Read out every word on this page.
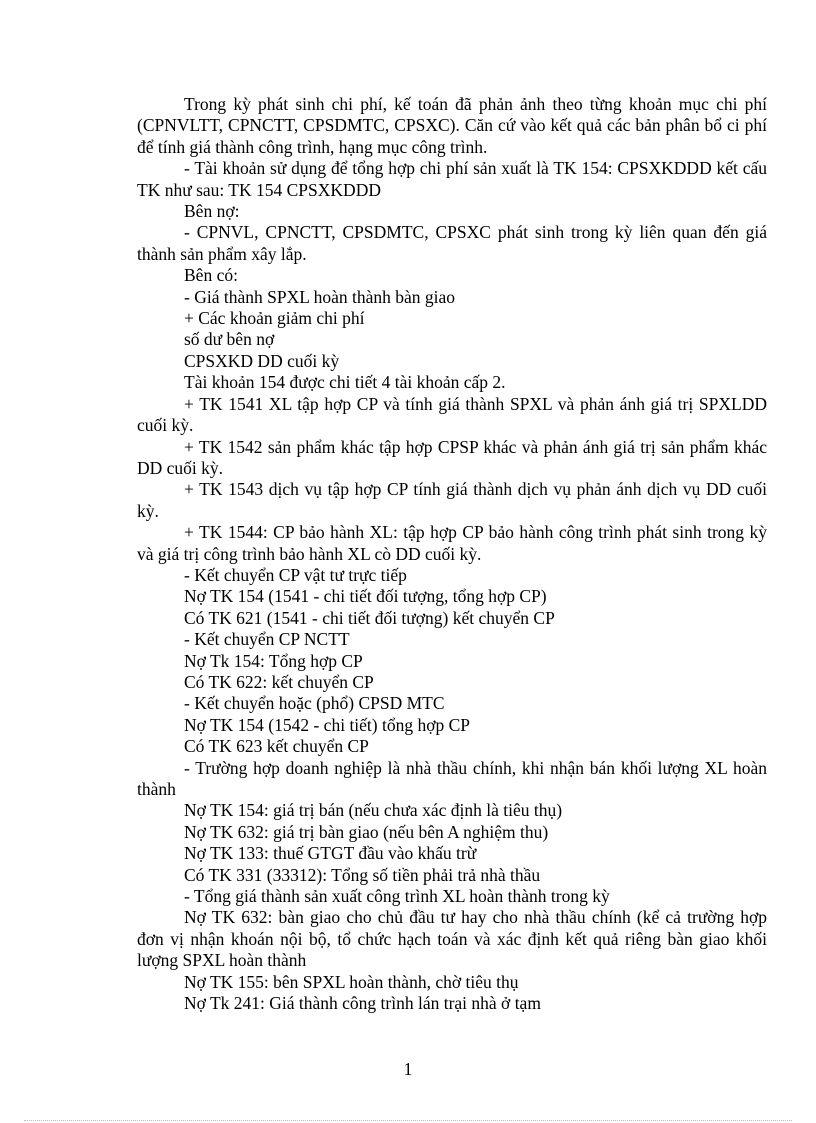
Trong kỳ phát sinh chi phí, kế toán đã phản ảnh theo từng khoản mục chi phí (CPNVLTT, CPNCTT, CPSDMTC, CPSXC). Căn cứ vào kết quả các bản phân bổ ci phí để tính giá thành công trình, hạng mục công trình.

- Tài khoản sử dụng để tổng hợp chi phí sản xuất là TK 154: CPSXKDDD kết cấu TK như sau: TK 154 CPSXKDDD

Bên nợ:

- CPNVL, CPNCTT, CPSDMTC, CPSXC phát sinh trong kỳ liên quan đến giá thành sản phẩm xây lắp.

Bên có:

- Giá thành SPXL hoàn thành bàn giao

+ Các khoản giảm chi phí

số dư bên nợ

CPSXKD DD cuối kỳ

Tài khoản 154 được chi tiết 4 tài khoản cấp 2.

+ TK 1541 XL tập hợp CP và tính giá thành SPXL và phản ánh giá trị SPXLDD cuối kỳ.

+ TK 1542 sản phẩm khác tập hợp CPSP khác và phản ánh giá trị sản phẩm khác DD cuối kỳ.

+ TK 1543 dịch vụ tập hợp CP tính giá thành dịch vụ phản ánh dịch vụ DD cuối kỳ.

+ TK 1544: CP bảo hành XL: tập hợp CP bảo hành công trình phát sinh trong kỳ và giá trị công trình bảo hành XL cò DD cuối kỳ.

- Kết chuyển CP vật tư trực tiếp

Nợ TK 154 (1541 - chi tiết đối tượng, tổng hợp CP)

Có TK 621 (1541 - chi tiết đối tượng) kết chuyển CP

- Kết chuyển CP NCTT

Nợ Tk 154: Tổng hợp CP

Có TK 622: kết chuyển CP

- Kết chuyển hoặc (phổ) CPSD MTC

Nợ TK 154 (1542 - chi tiết) tổng hợp CP

Có TK 623 kết chuyển CP

- Trường hợp doanh nghiệp là nhà thầu chính, khi nhận bán khối lượng XL hoàn thành

Nợ TK 154: giá trị bán (nếu chưa xác định là tiêu thụ)

Nợ TK 632: giá trị bàn giao (nếu bên A nghiệm thu)

Nợ TK 133: thuế GTGT đầu vào khấu trừ

Có TK 331 (33312): Tổng số tiền phải trả nhà thầu

- Tổng giá thành sản xuất công trình XL hoàn thành trong kỳ

Nợ TK 632: bàn giao cho chủ đầu tư hay cho nhà thầu chính (kể cả trường hợp đơn vị nhận khoán nội bộ, tổ chức hạch toán và xác định kết quả riêng bàn giao khối lượng SPXL hoàn thành

Nợ TK 155: bên SPXL hoàn thành, chờ tiêu thụ

Nợ Tk 241: Giá thành công trình lán trại nhà ở tạm

1
